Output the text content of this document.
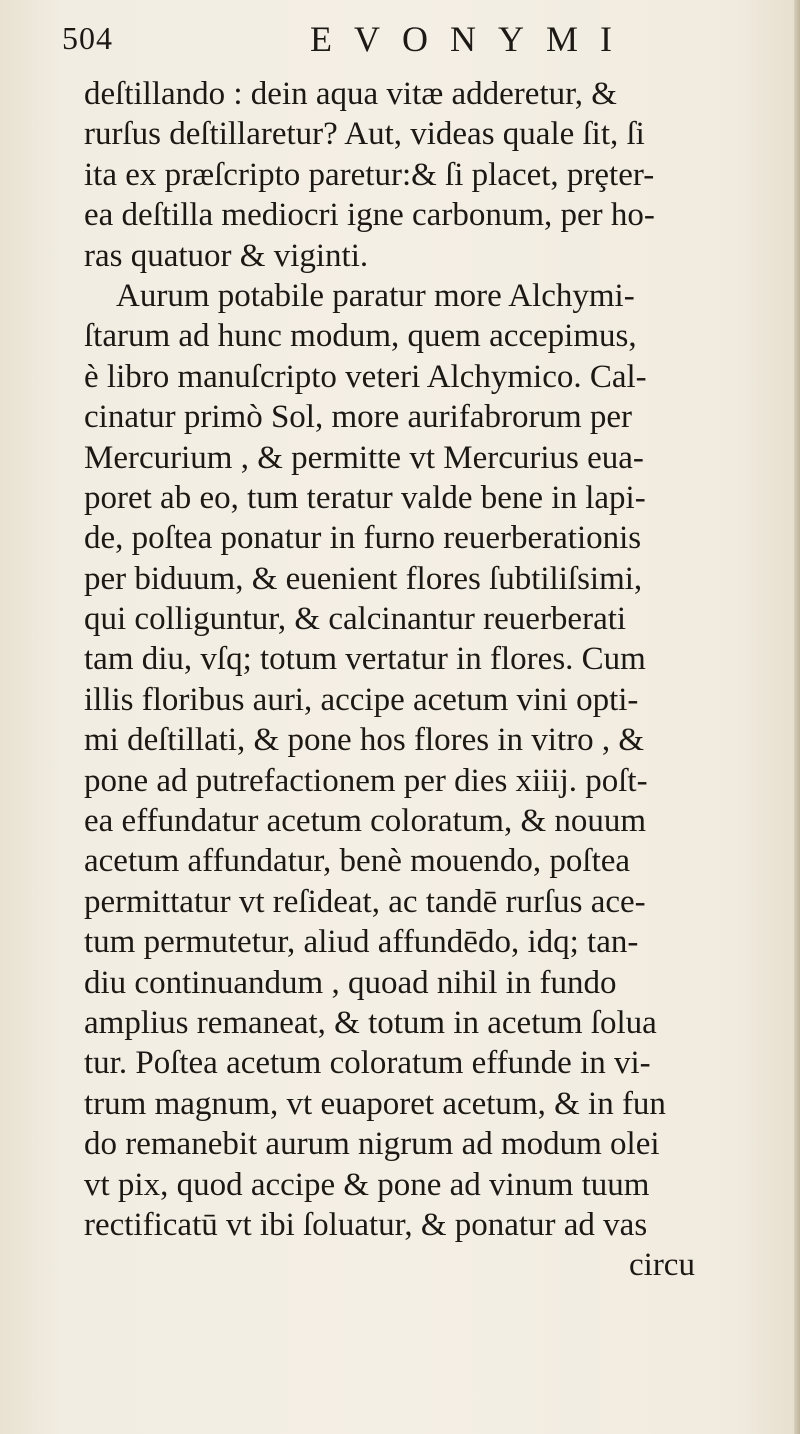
504	EVONYMI
deſtillando : dein aqua vitæ adderetur, &
rurſus deſtillaretur? Aut, videas quale ſit, ſi
ita ex præſcripto paretur:& ſi placet, prȩter-
ea deſtilla mediocri igne carbonum, per ho-
ras quatuor & viginti.
Aurum potabile paratur more Alchymi-
ſtarum ad hunc modum, quem accepimus,
è libro manuſcripto veteri Alchymico. Cal-
cinatur primò Sol, more aurifabrorum per
Mercurium , & permitte vt Mercurius eua-
poret ab eo, tum teratur valde bene in lapi-
de, poſtea ponatur in furno reuerberationis
per biduum, & euenient flores ſubtiliſsimi,
qui colliguntur, & calcinantur reuerberati
tam diu, vſq; totum vertatur in flores. Cum
illis floribus auri, accipe acetum vini opti-
mi deſtillati, & pone hos flores in vitro , &
pone ad putrefactionem per dies xiiij. poſt-
ea effundatur acetum coloratum, & nouum
acetum affundatur, benè mouendo, poſtea
permittatur vt reſideat, ac tandē rurſus ace-
tum permutetur, aliud affundēdo, idq; tan-
diu continuandum , quoad nihil in fundo
amplius remaneat, & totum in acetum ſolua
tur. Poſtea acetum coloratum effunde in vi-
trum magnum, vt euaporet acetum, & in fun
do remanebit aurum nigrum ad modum olei
vt pix, quod accipe & pone ad vinum tuum
rectificatū vt ibi ſoluatur, & ponatur ad vas
circu
